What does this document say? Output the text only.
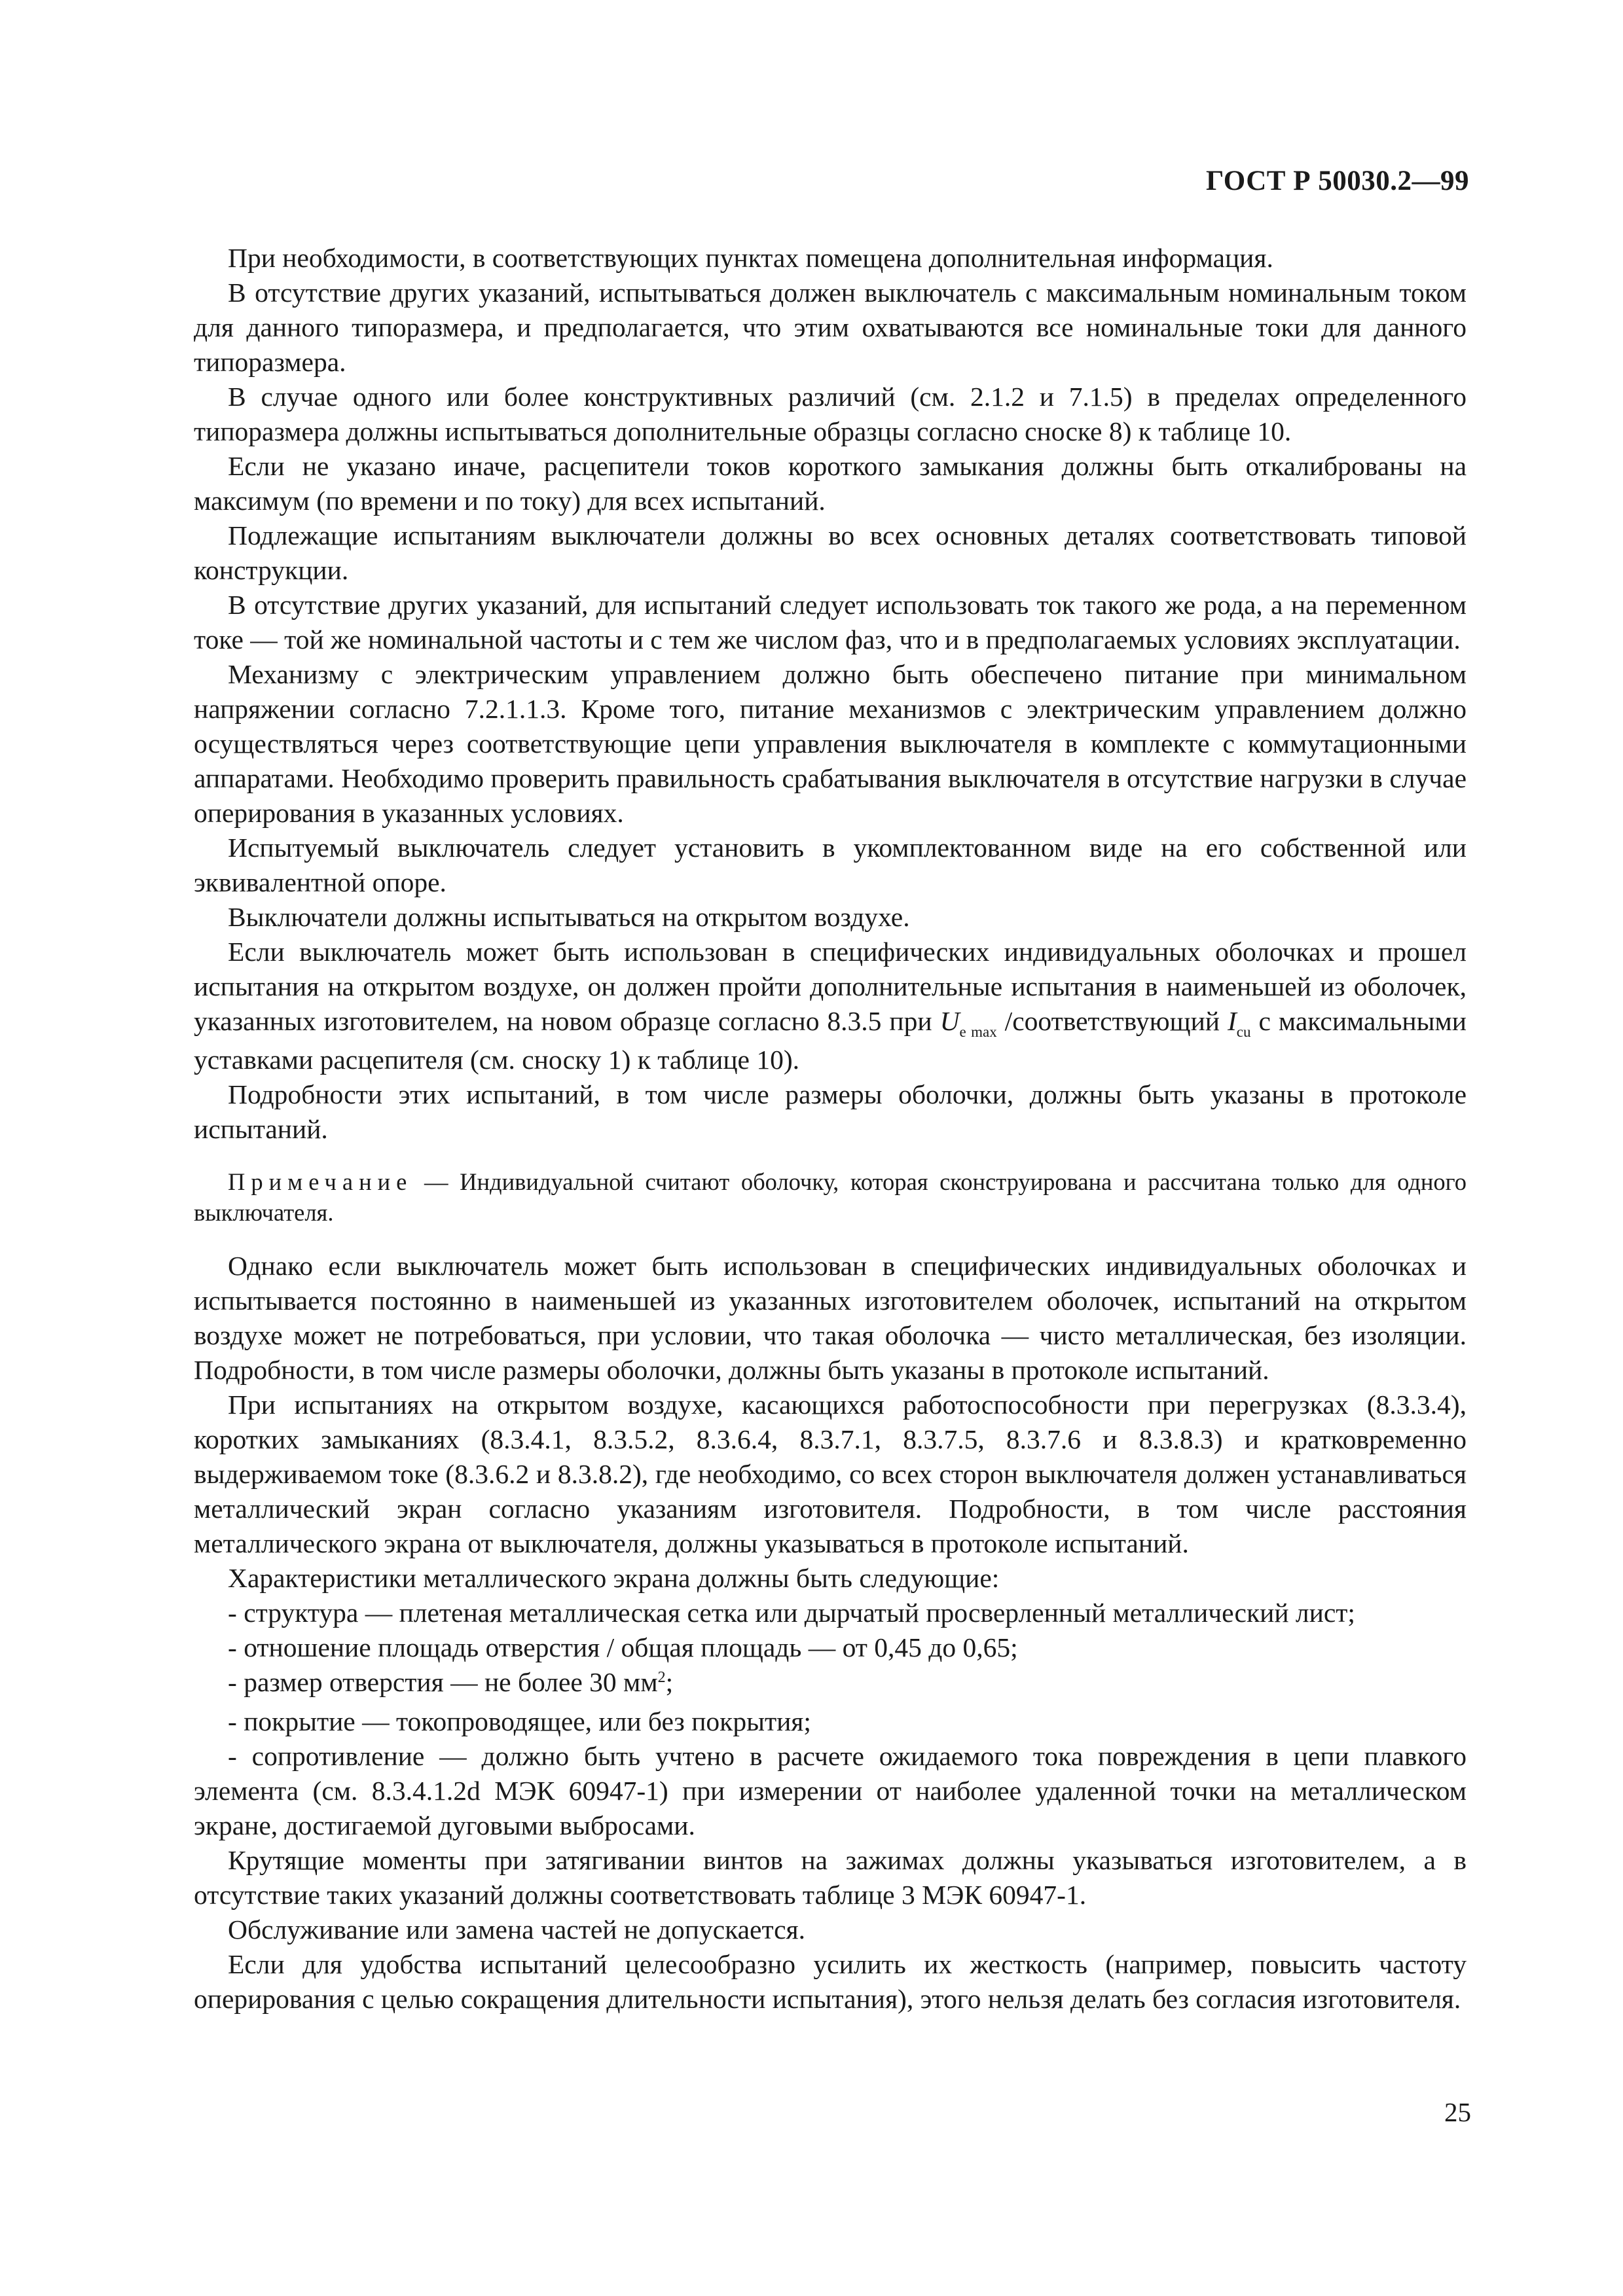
ГОСТ Р 50030.2—99

При необходимости, в соответствующих пунктах помещена дополнительная информация.

В отсутствие других указаний, испытываться должен выключатель с максимальным номинальным током для данного типоразмера, и предполагается, что этим охватываются все номинальные токи для данного типоразмера.

В случае одного или более конструктивных различий (см. 2.1.2 и 7.1.5) в пределах определенного типоразмера должны испытываться дополнительные образцы согласно сноске 8) к таблице 10.

Если не указано иначе, расцепители токов короткого замыкания должны быть откалиброваны на максимум (по времени и по току) для всех испытаний.

Подлежащие испытаниям выключатели должны во всех основных деталях соответствовать типовой конструкции.

В отсутствие других указаний, для испытаний следует использовать ток такого же рода, а на переменном токе — той же номинальной частоты и с тем же числом фаз, что и в предполагаемых условиях эксплуатации.

Механизму с электрическим управлением должно быть обеспечено питание при минимальном напряжении согласно 7.2.1.1.3. Кроме того, питание механизмов с электрическим управлением должно осуществляться через соответствующие цепи управления выключателя в комплекте с коммутационными аппаратами. Необходимо проверить правильность срабатывания выключателя в отсутствие нагрузки в случае оперирования в указанных условиях.

Испытуемый выключатель следует установить в укомплектованном виде на его собственной или эквивалентной опоре.

Выключатели должны испытываться на открытом воздухе.

Если выключатель может быть использован в специфических индивидуальных оболочках и прошел испытания на открытом воздухе, он должен пройти дополнительные испытания в наименьшей из оболочек, указанных изготовителем, на новом образце согласно 8.3.5 при $U_{e max}$ /соответствующий $I_{cu}$ с максимальными уставками расцепителя (см. сноску 1) к таблице 10).

Подробности этих испытаний, в том числе размеры оболочки, должны быть указаны в протоколе испытаний.

Примечание — Индивидуальной считают оболочку, которая сконструирована и рассчитана только для одного выключателя.

Однако если выключатель может быть использован в специфических индивидуальных оболочках и испытывается постоянно в наименьшей из указанных изготовителем оболочек, испытаний на открытом воздухе может не потребоваться, при условии, что такая оболочка — чисто металлическая, без изоляции. Подробности, в том числе размеры оболочки, должны быть указаны в протоколе испытаний.

При испытаниях на открытом воздухе, касающихся работоспособности при перегрузках (8.3.3.4), коротких замыканиях (8.3.4.1, 8.3.5.2, 8.3.6.4, 8.3.7.1, 8.3.7.5, 8.3.7.6 и 8.3.8.3) и кратковременно выдерживаемом токе (8.3.6.2 и 8.3.8.2), где необходимо, со всех сторон выключателя должен устанавливаться металлический экран согласно указаниям изготовителя. Подробности, в том числе расстояния металлического экрана от выключателя, должны указываться в протоколе испытаний.

Характеристики металлического экрана должны быть следующие:

- структура — плетеная металлическая сетка или дырчатый просверленный металлический лист;

- отношение площадь отверстия / общая площадь — от 0,45 до 0,65;

- размер отверстия — не более 30 $мм^2$;

- покрытие — токопроводящее, или без покрытия;

- сопротивление — должно быть учтено в расчете ожидаемого тока повреждения в цепи плавкого элемента (см. 8.3.4.1.2d МЭК 60947-1) при измерении от наиболее удаленной точки на металлическом экране, достигаемой дуговыми выбросами.

Крутящие моменты при затягивании винтов на зажимах должны указываться изготовителем, а в отсутствие таких указаний должны соответствовать таблице 3 МЭК 60947-1.

Обслуживание или замена частей не допускается.

Если для удобства испытаний целесообразно усилить их жесткость (например, повысить частоту оперирования с целью сокращения длительности испытания), этого нельзя делать без согласия изготовителя.

25
